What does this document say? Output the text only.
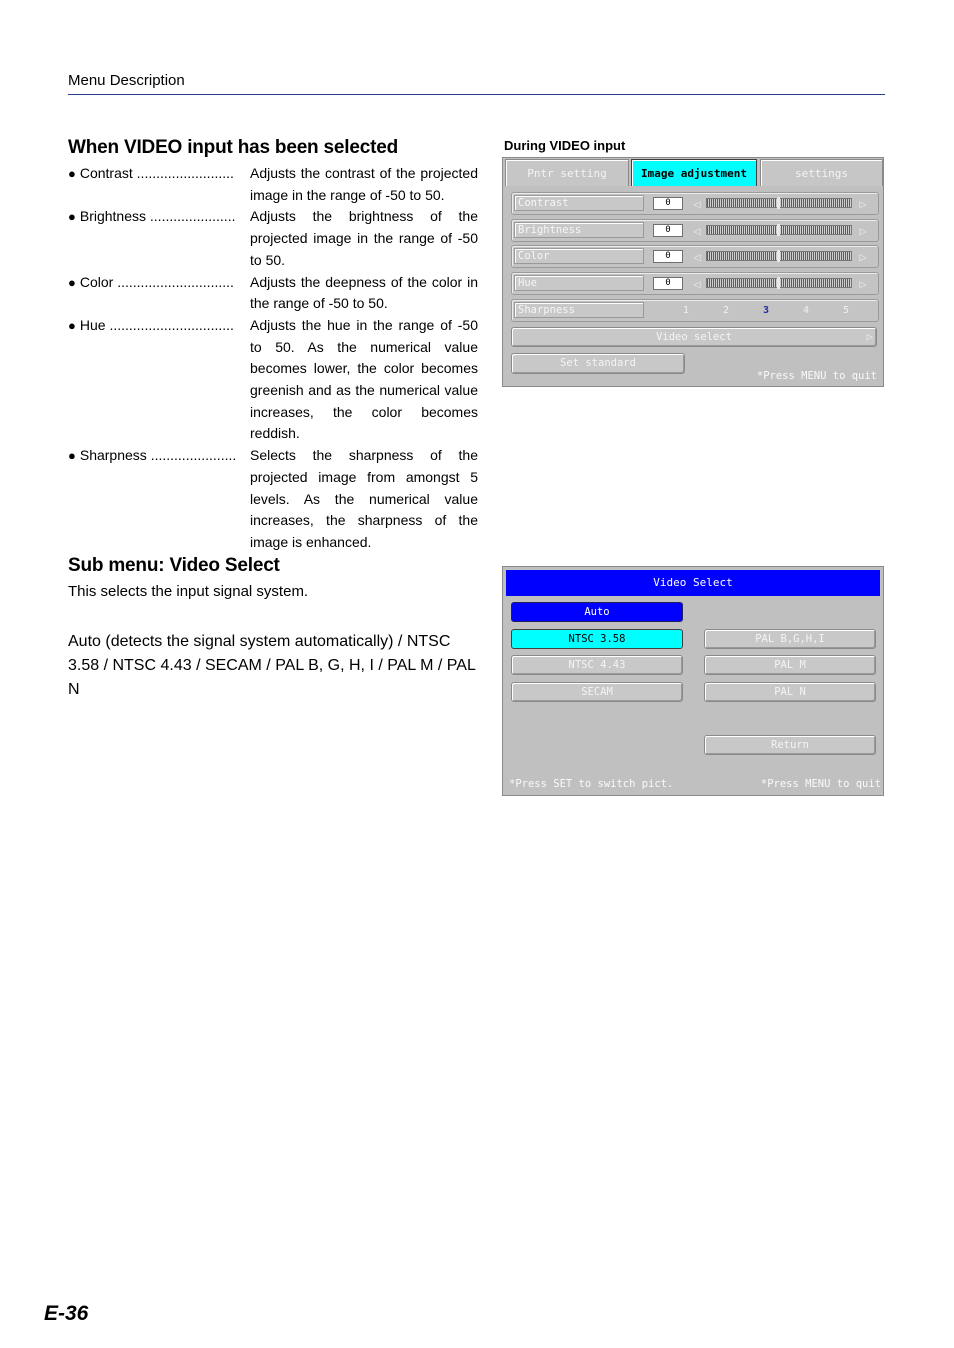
Menu Description
When VIDEO input has been selected
● Contrast .........................	Adjusts the contrast of the projected image in the range of -50 to 50.
● Brightness ......................	Adjusts the brightness of the projected image in the range of -50 to 50.
● Color ..............................	Adjusts the deepness of the color in the range of -50 to 50.
● Hue ................................	Adjusts the hue in the range of -50 to 50. As the numerical value becomes lower, the color becomes greenish and as the numerical value increases, the color becomes reddish.
● Sharpness ...................... Selects the sharpness of the projected image from amongst 5 levels. As the numerical value increases, the sharpness of the image is enhanced.
Sub menu: Video Select
This selects the input signal system.
Auto (detects the signal system automatically) / NTSC 3.58 / NTSC 4.43 / SECAM / PAL B, G, H, I / PAL M / PAL N
During VIDEO input
Pntr setting	Image adjustment	settings
Contrast	0	◁	▷
Brightness	0	◁	▷
Color	0	◁	▷
Hue	0	◁	▷
Sharpness	1	2	3	4	5
Video select	▷
Set standard
*Press MENU to quit
Video Select
Auto
NTSC 3.58
NTSC 4.43
SECAM
PAL B,G,H,I
PAL M
PAL N
Return
*Press SET to switch pict.	*Press MENU to quit
E-36
